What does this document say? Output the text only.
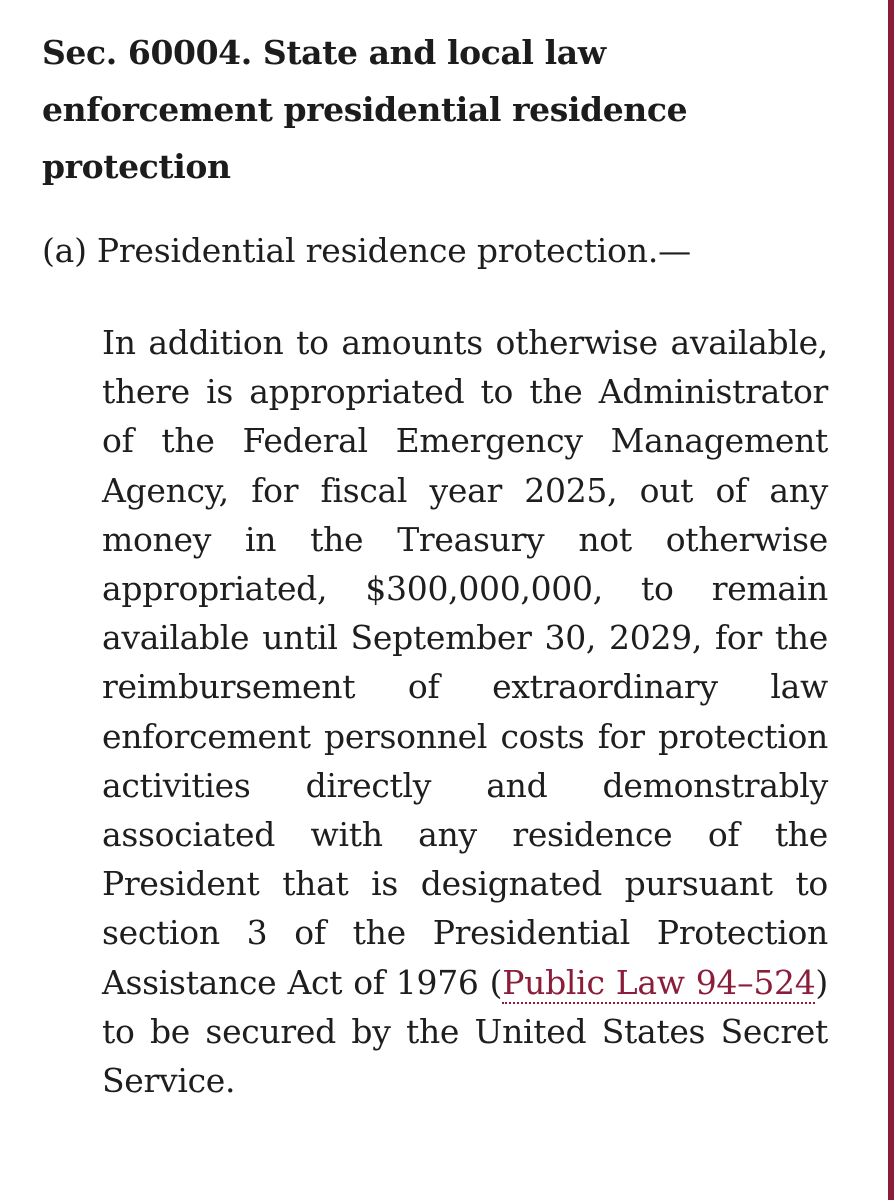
Sec. 60004. State and local law enforcement presidential residence protection
(a) Presidential residence protection.—

In addition to amounts otherwise available, there is appropriated to the Administrator of the Federal Emergency Management Agency, for fiscal year 2025, out of any money in the Treasury not otherwise appropriated, $300,000,000, to remain available until September 30, 2029, for the reimbursement of extraordinary law enforcement personnel costs for protection activities directly and demonstrably associated with any residence of the President that is designated pursuant to section 3 of the Presidential Protection Assistance Act of 1976 (Public Law 94–524) to be secured by the United States Secret Service.
